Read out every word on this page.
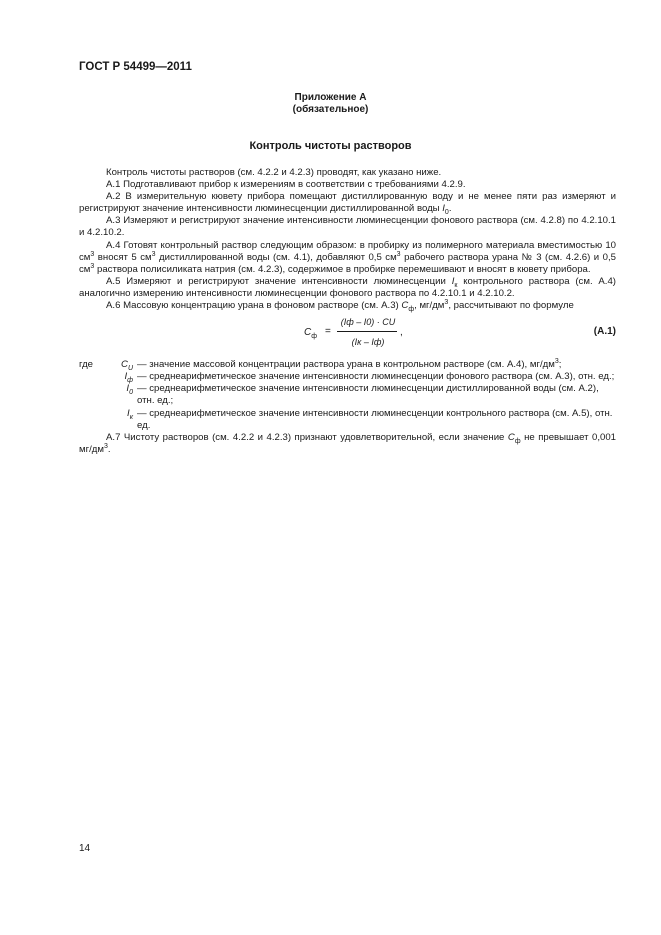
ГОСТ Р 54499—2011
Приложение А
(обязательное)
Контроль чистоты растворов

Контроль чистоты растворов (см. 4.2.2 и 4.2.3) проводят, как указано ниже.

А.1 Подготавливают прибор к измерениям в соответствии с требованиями 4.2.9.

А.2 В измерительную кювету прибора помещают дистиллированную воду и не менее пяти раз измеряют и регистрируют значение интенсивности люминесценции дистиллированной воды $I_0$.

А.3 Измеряют и регистрируют значение интенсивности люминесценции фонового раствора (см. 4.2.8) по 4.2.10.1 и 4.2.10.2.

А.4 Готовят контрольный раствор следующим образом: в пробирку из полимерного материала вместимостью 10 $см^3$ вносят 5 $см^3$ дистиллированной воды (см. 4.1), добавляют 0,5 $см^3$ рабочего раствора урана № 3 (см. 4.2.6) и 0,5 $см^3$ раствора полисиликата натрия (см. 4.2.3), содержимое в пробирке перемешивают и вносят в кювету прибора.

А.5 Измеряют и регистрируют значение интенсивности люминесценции $I_к$ контрольного раствора (см. А.4) аналогично измерению интенсивности люминесценции фонового раствора по 4.2.10.1 и 4.2.10.2.

А.6 Массовую концентрацию урана в фоновом растворе (см. А.3) $C_ф$, $мг/дм^3$, рассчитывают по формуле

$C_ф$ =
(Iф – I0) · CU
(Iк – Iф)
,	(А.1)
где	$C_U$ — значение массовой концентрации раствора урана в контрольном растворе (см. А.4), $мг/дм^3$;
$I_ф$ — среднеарифметическое значение интенсивности люминесценции фонового раствора (см. А.3), отн. ед.;
$I_0$ — среднеарифметическое значение интенсивности люминесценции дистиллированной воды (см. А.2), отн. ед.;
$I_к$ — среднеарифметическое значение интенсивности люминесценции контрольного раствора (см. А.5), отн. ед.

А.7 Чистоту растворов (см. 4.2.2 и 4.2.3) признают удовлетворительной, если значение $C_ф$ не превышает 0,001 $мг/дм^3$.

14
